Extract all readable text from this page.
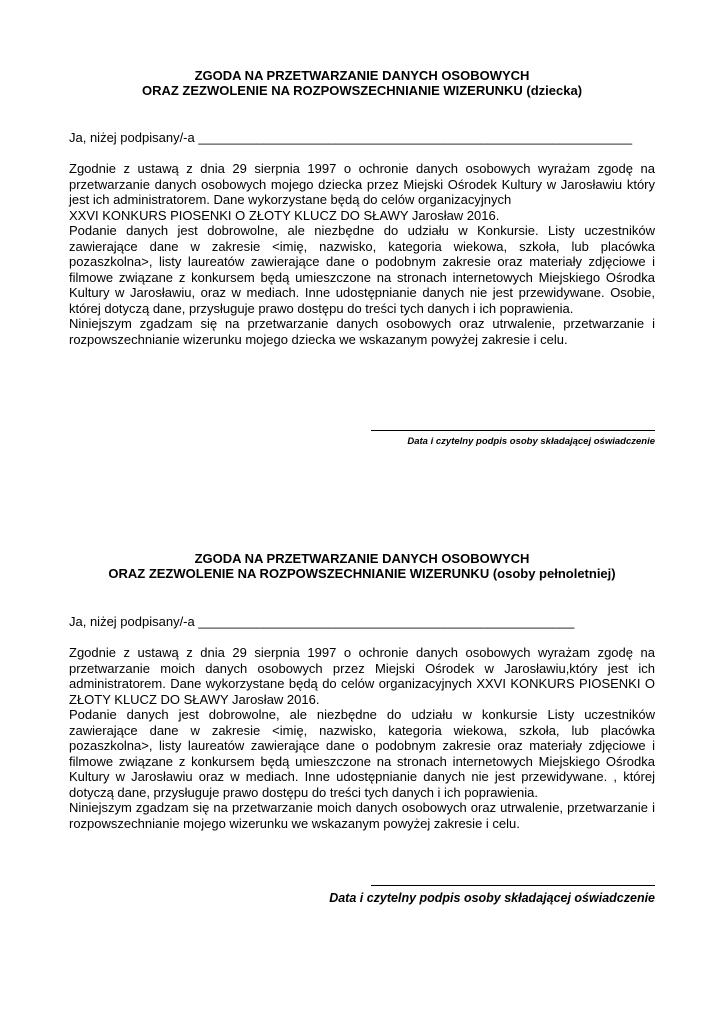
ZGODA NA PRZETWARZANIE DANYCH OSOBOWYCH

ORAZ ZEZWOLENIE NA ROZPOWSZECHNIANIE WIZERUNKU (dziecka)

Ja, niżej podpisany/-a ____________________________________________________________

Zgodnie z ustawą z dnia 29 sierpnia 1997 o ochronie danych osobowych wyrażam zgodę na przetwarzanie danych osobowych mojego dziecka przez Miejski Ośrodek Kultury w Jarosławiu który jest ich administratorem. Dane wykorzystane będą do celów organizacyjnych

XXVI KONKURS PIOSENKI O ZŁOTY KLUCZ DO SŁAWY Jarosław 2016.

Podanie danych jest dobrowolne, ale niezbędne do udziału w Konkursie. Listy uczestników zawierające dane w zakresie <imię, nazwisko, kategoria wiekowa, szkoła, lub placówka pozaszkolna>, listy laureatów zawierające dane o podobnym zakresie oraz materiały zdjęciowe i filmowe związane z konkursem będą umieszczone na stronach internetowych Miejskiego Ośrodka Kultury w Jarosławiu, oraz w mediach. Inne udostępnianie danych nie jest przewidywane. Osobie, której dotyczą dane, przysługuje prawo dostępu do treści tych danych i ich poprawienia.

Niniejszym zgadzam się na przetwarzanie danych osobowych oraz utrwalenie, przetwarzanie i rozpowszechnianie wizerunku mojego dziecka we wskazanym powyżej zakresie i celu.

Data i czytelny podpis osoby składającej oświadczenie

ZGODA NA PRZETWARZANIE DANYCH OSOBOWYCH

ORAZ ZEZWOLENIE NA ROZPOWSZECHNIANIE WIZERUNKU (osoby pełnoletniej)

Ja, niżej podpisany/-a ____________________________________________________

Zgodnie z ustawą z dnia 29 sierpnia 1997 o ochronie danych osobowych wyrażam zgodę na przetwarzanie moich danych osobowych przez Miejski Ośrodek w Jarosławiu,który jest ich administratorem. Dane wykorzystane będą do celów organizacyjnych XXVI KONKURS PIOSENKI O ZŁOTY KLUCZ DO SŁAWY Jarosław 2016.

Podanie danych jest dobrowolne, ale niezbędne do udziału w konkursie Listy uczestników zawierające dane w zakresie <imię, nazwisko, kategoria wiekowa, szkoła, lub placówka pozaszkolna>, listy laureatów zawierające dane o podobnym zakresie oraz materiały zdjęciowe i filmowe związane z konkursem będą umieszczone na stronach internetowych Miejskiego Ośrodka Kultury w Jarosławiu oraz w mediach. Inne udostępnianie danych nie jest przewidywane. , której dotyczą dane, przysługuje prawo dostępu do treści tych danych i ich poprawienia.

Niniejszym zgadzam się na przetwarzanie moich danych osobowych oraz utrwalenie, przetwarzanie i rozpowszechnianie mojego wizerunku we wskazanym powyżej zakresie i celu.

Data i czytelny podpis osoby składającej oświadczenie
